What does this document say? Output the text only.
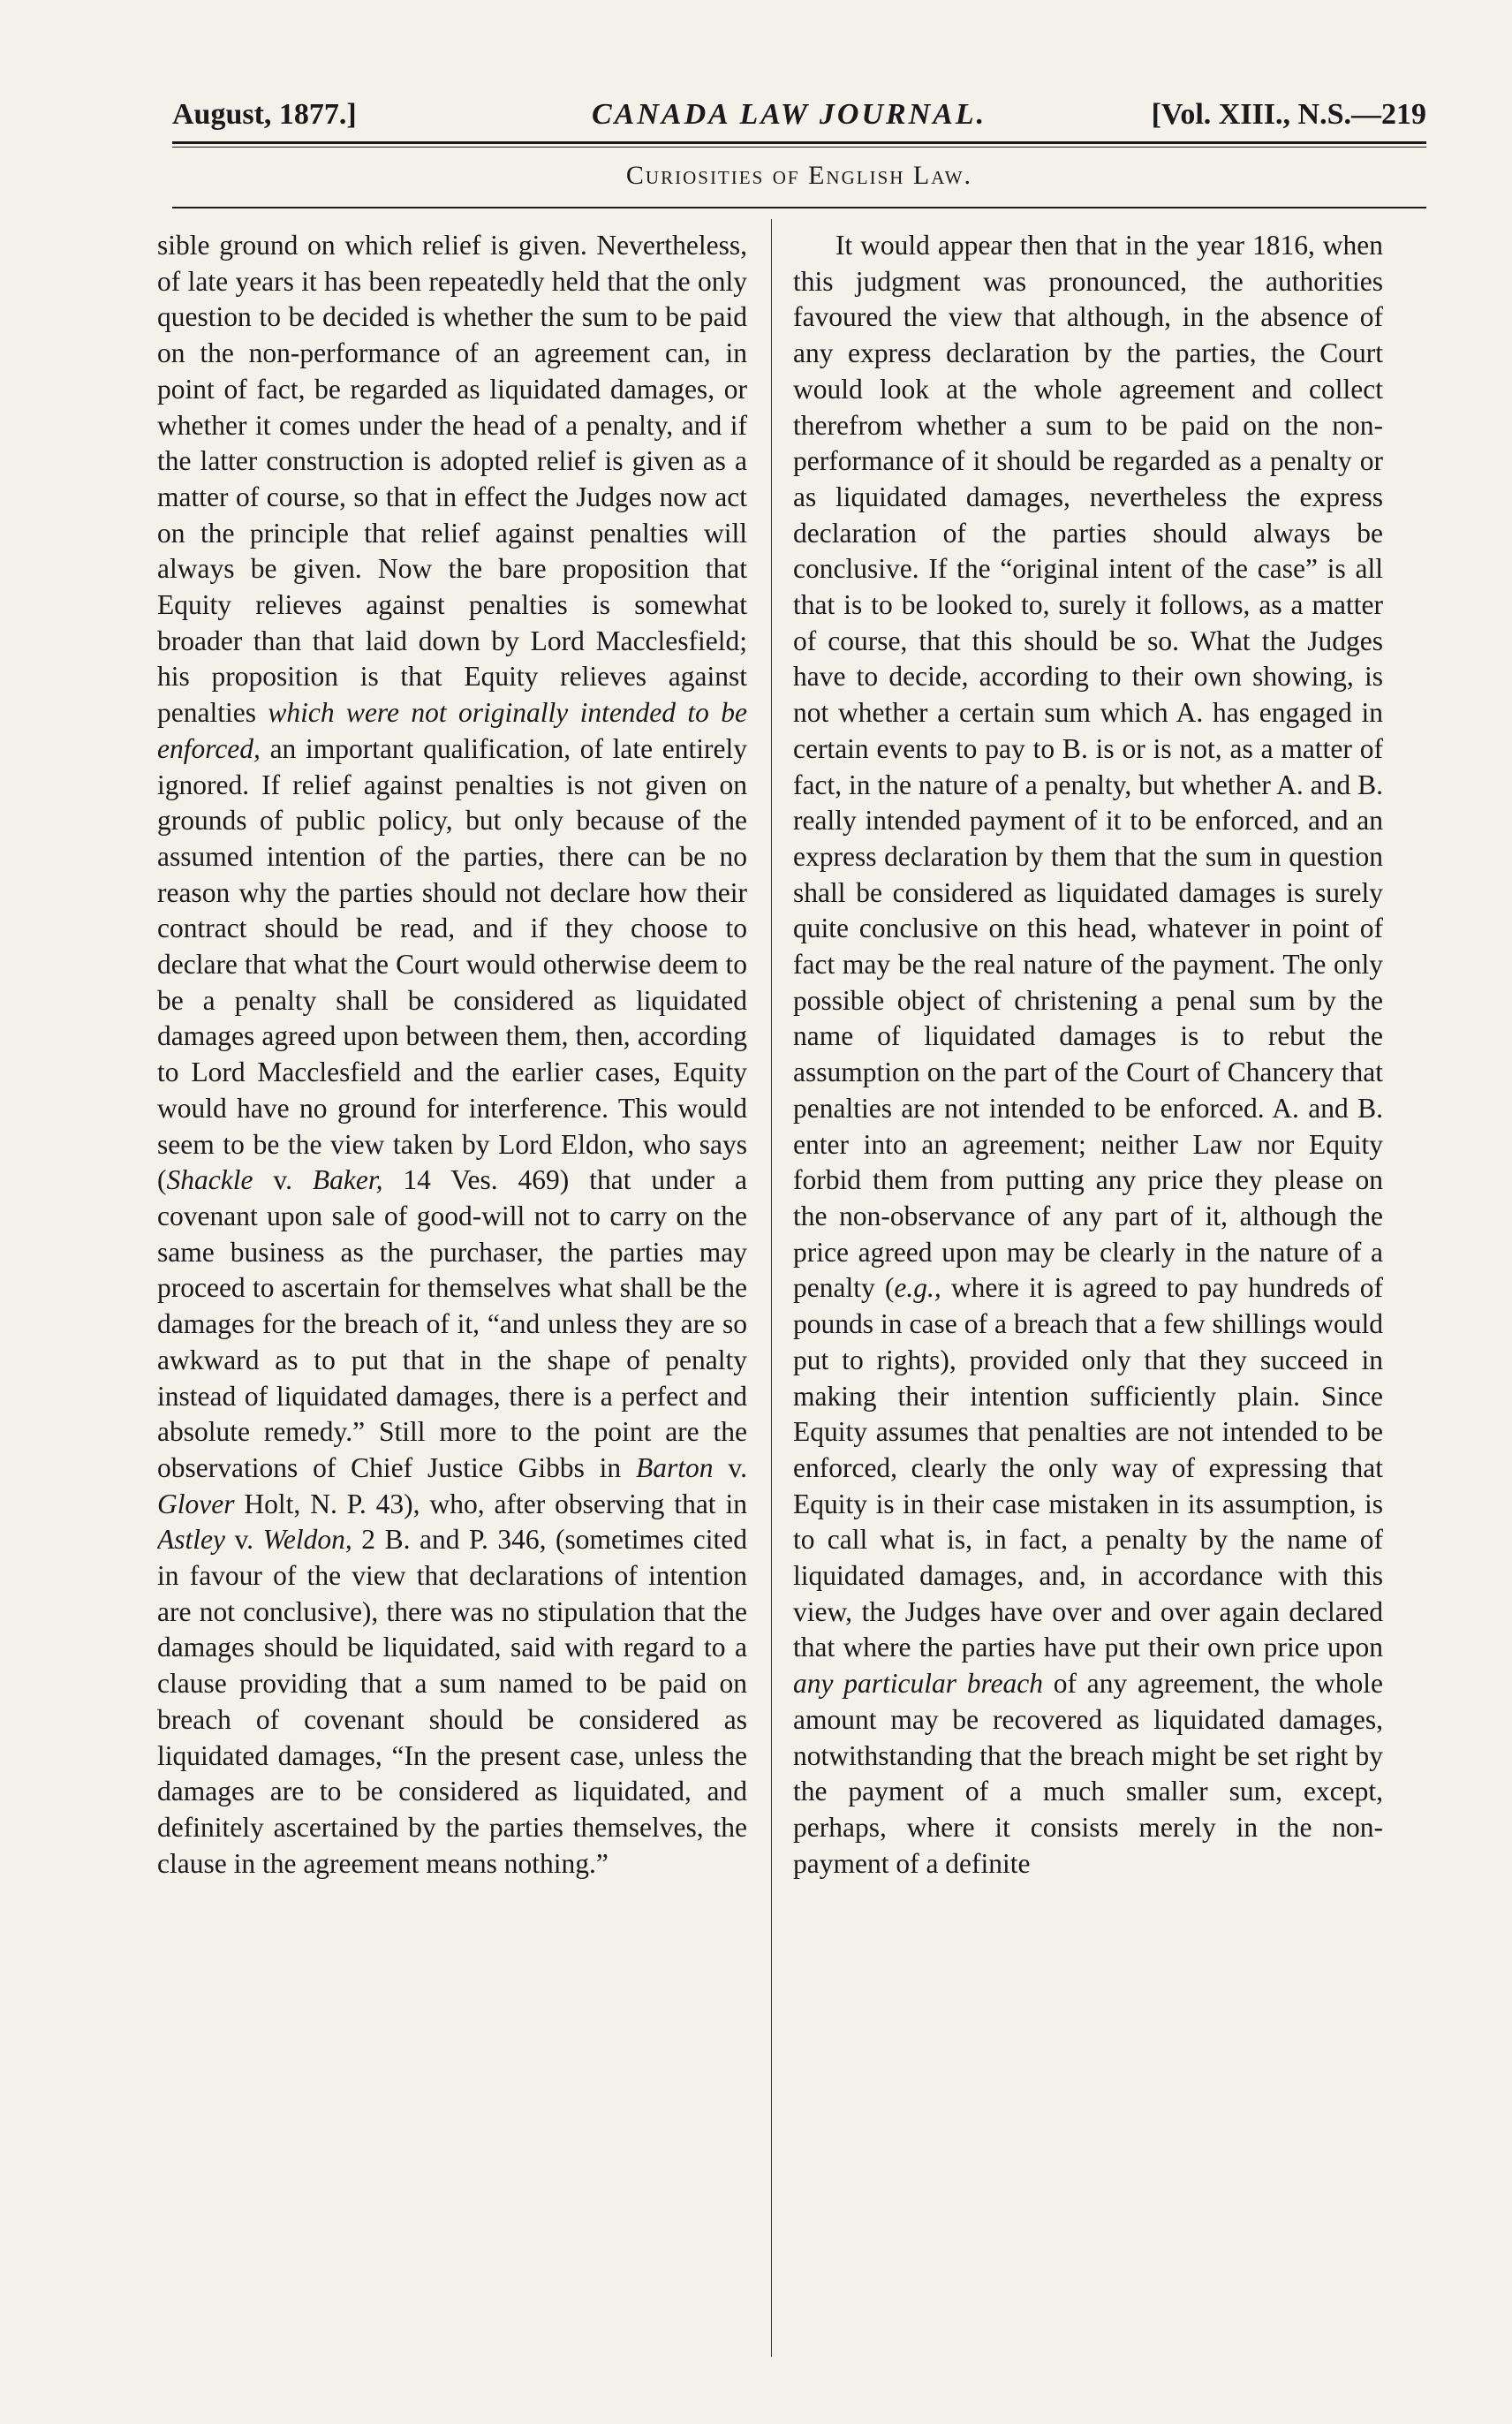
August, 1877.]	CANADA LAW JOURNAL.	[Vol. XIII., N.S.—219
Curiosities of English Law.

sible ground on which relief is given. Nevertheless, of late years it has been repeatedly held that the only question to be decided is whether the sum to be paid on the non-performance of an agreement can, in point of fact, be regarded as liquidated damages, or whether it comes under the head of a penalty, and if the latter construction is adopted relief is given as a matter of course, so that in effect the Judges now act on the principle that relief against penalties will always be given. Now the bare proposition that Equity relieves against penalties is somewhat broader than that laid down by Lord Macclesfield; his proposition is that Equity relieves against penalties which were not originally intended to be enforced, an important qualification, of late entirely ignored. If relief against penalties is not given on grounds of public policy, but only because of the assumed intention of the parties, there can be no reason why the parties should not declare how their contract should be read, and if they choose to declare that what the Court would otherwise deem to be a penalty shall be considered as liquidated damages agreed upon between them, then, according to Lord Macclesfield and the earlier cases, Equity would have no ground for interference. This would seem to be the view taken by Lord Eldon, who says (Shackle v. Baker, 14 Ves. 469) that under a covenant upon sale of good-will not to carry on the same business as the purchaser, the parties may proceed to ascertain for themselves what shall be the damages for the breach of it, “and unless they are so awkward as to put that in the shape of penalty instead of liquidated damages, there is a perfect and absolute remedy.” Still more to the point are the observations of Chief Justice Gibbs in Barton v. Glover Holt, N. P. 43), who, after observing that in Astley v. Weldon, 2 B. and P. 346, (sometimes cited in favour of the view that declarations of intention are not conclusive), there was no stipulation that the damages should be liquidated, said with regard to a clause providing that a sum named to be paid on breach of covenant should be considered as liquidated damages, “In the present case, unless the damages are to be considered as liquidated, and definitely ascertained by the parties themselves, the clause in the agreement means nothing.”

It would appear then that in the year 1816, when this judgment was pronounced, the authorities favoured the view that although, in the absence of any express declaration by the parties, the Court would look at the whole agreement and collect therefrom whether a sum to be paid on the non-performance of it should be regarded as a penalty or as liquidated damages, nevertheless the express declaration of the parties should always be conclusive. If the “original intent of the case” is all that is to be looked to, surely it follows, as a matter of course, that this should be so. What the Judges have to decide, according to their own showing, is not whether a certain sum which A. has engaged in certain events to pay to B. is or is not, as a matter of fact, in the nature of a penalty, but whether A. and B. really intended payment of it to be enforced, and an express declaration by them that the sum in question shall be considered as liquidated damages is surely quite conclusive on this head, whatever in point of fact may be the real nature of the payment. The only possible object of christening a penal sum by the name of liquidated damages is to rebut the assumption on the part of the Court of Chancery that penalties are not intended to be enforced. A. and B. enter into an agreement; neither Law nor Equity forbid them from putting any price they please on the non-observance of any part of it, although the price agreed upon may be clearly in the nature of a penalty (e.g., where it is agreed to pay hundreds of pounds in case of a breach that a few shillings would put to rights), provided only that they succeed in making their intention sufficiently plain. Since Equity assumes that penalties are not intended to be enforced, clearly the only way of expressing that Equity is in their case mistaken in its assumption, is to call what is, in fact, a penalty by the name of liquidated damages, and, in accordance with this view, the Judges have over and over again declared that where the parties have put their own price upon any particular breach of any agreement, the whole amount may be recovered as liquidated damages, notwithstanding that the breach might be set right by the payment of a much smaller sum, except, perhaps, where it consists merely in the non-payment of a definite
